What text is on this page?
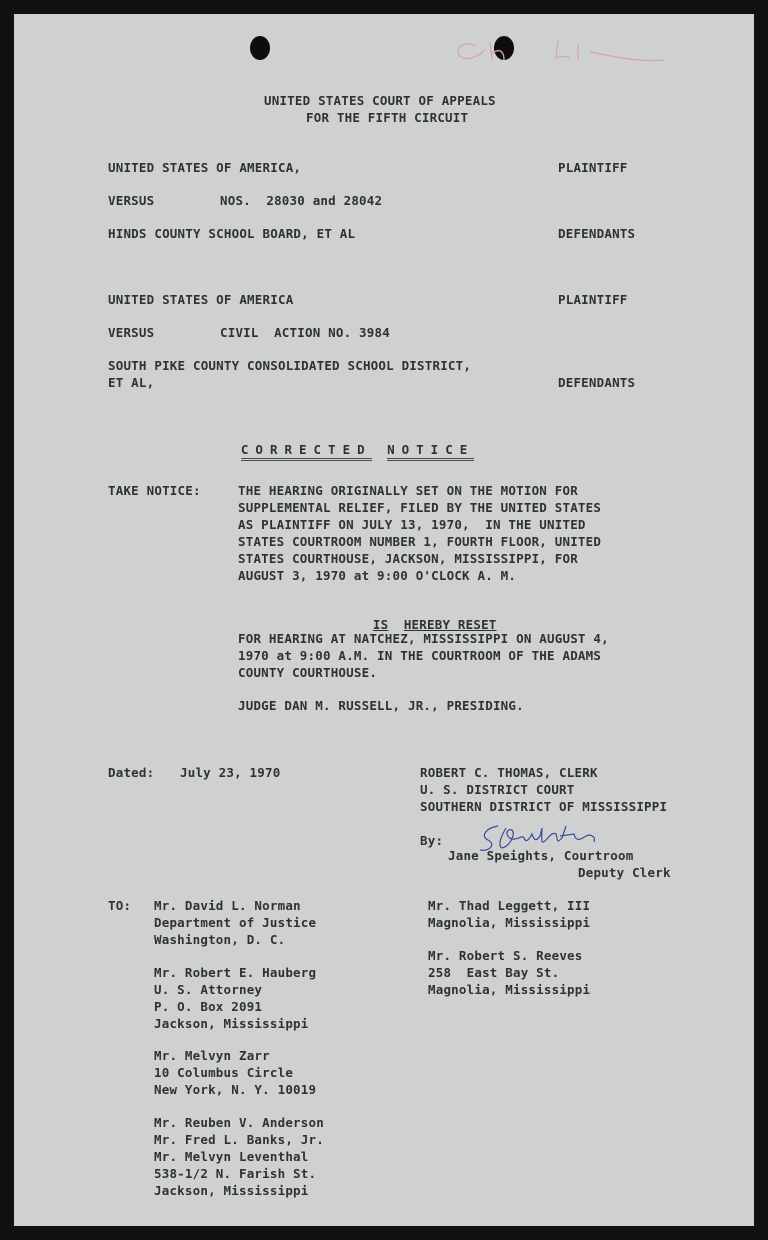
UNITED STATES COURT OF APPEALS
FOR THE FIFTH CIRCUIT
UNITED STATES OF AMERICA,	PLAINTIFF
VERSUS	NOS.  28030 and 28042
HINDS COUNTY SCHOOL BOARD, ET AL	DEFENDANTS
UNITED STATES OF AMERICA	PLAINTIFF
VERSUS	CIVIL  ACTION NO. 3984
SOUTH PIKE COUNTY CONSOLIDATED SCHOOL DISTRICT,
ET AL,	DEFENDANTS

CORRECTED NOTICE

TAKE NOTICE:	THE HEARING ORIGINALLY SET ON THE MOTION FOR
SUPPLEMENTAL RELIEF, FILED BY THE UNITED STATES
AS PLAINTIFF ON JULY 13, 1970,  IN THE UNITED
STATES COURTROOM NUMBER 1, FOURTH FLOOR, UNITED
STATES COURTHOUSE, JACKSON, MISSISSIPPI, FOR
AUGUST 3, 1970 at 9:00 O'CLOCK A. M.

IS HEREBY RESET

FOR HEARING AT NATCHEZ, MISSISSIPPI ON AUGUST 4,
1970 at 9:00 A.M. IN THE COURTROOM OF THE ADAMS
COUNTY COURTHOUSE.
JUDGE DAN M. RUSSELL, JR., PRESIDING.
Dated: July 23, 1970	ROBERT C. THOMAS, CLERK
U. S. DISTRICT COURT
SOUTHERN DISTRICT OF MISSISSIPPI
By:
Jane Speights, Courtroom
Deputy Clerk
TO: Mr. David L. Norman
Department of Justice
Washington, D. C.
Mr. Robert E. Hauberg
U. S. Attorney
P. O. Box 2091
Jackson, Mississippi
Mr. Melvyn Zarr
10 Columbus Circle
New York, N. Y. 10019
Mr. Reuben V. Anderson
Mr. Fred L. Banks, Jr.
Mr. Melvyn Leventhal
538-1/2 N. Farish St.
Jackson, Mississippi
Mr. Thad Leggett, III
Magnolia, Mississippi
Mr. Robert S. Reeves
258  East Bay St.
Magnolia, Mississippi
